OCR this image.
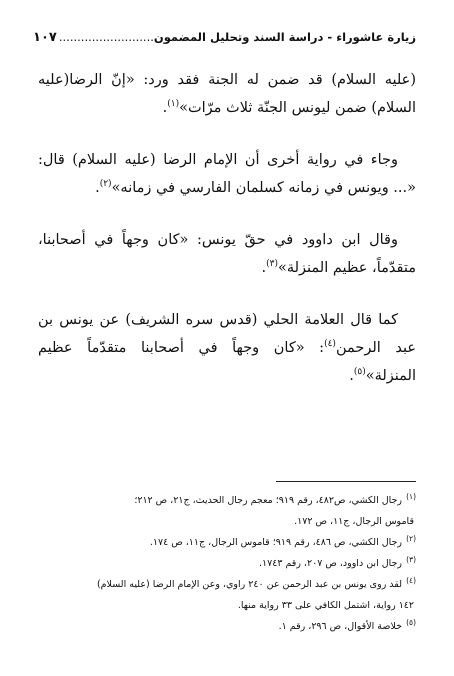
زيارة عاشوراء - دراسة السند وتحليل المضمون
١٠٧ ..........................

(عليه السلام) قد ضمن له الجنة فقد ورد: «إنّ الرضا(عليه السلام) ضمن ليونس الجنّة ثلاث مرّات»$^{(١)}$.

وجاء في رواية أخرى أن الإمام الرضا (عليه السلام) قال: «... ويونس في زمانه كسلمان الفارسي في زمانه»$^{(٢)}$.

وقال ابن داوود في حقّ يونس: «كان وجهاً في أصحابنا، متقدّماً، عظيم المنزلة»$^{(٣)}$.

كما قال العلامة الحلي (قدس سره الشريف) عن يونس بن عبد الرحمن$^{(٤)}$: «كان وجهاً في أصحابنا متقدّماً عظيم المنزلة»$^{(٥)}$.

(١)
رجال الكشي، ص٤٨٢، رقم ٩١٩؛ معجم رجال الحديث، ج٢١، ص ٢١٢؛

قاموس الرجال، ج١١، ص ١٧٢.

(٢)
رجال الكشي، ص ٤٨٦، رقم ٩١٩؛ قاموس الرجال، ج١١، ص ١٧٤.

(٣)
رجال ابن داوود، ص ٢٠٧، رقم ١٧٤٣.

(٤)
لقد روى يونس بن عبد الرحمن عن ٢٤٠ راوي، وعن الإمام الرضا (عليه السلام)

١٤٢ رواية، اشتمل الكافي على ٣٣ رواية منها.

(٥)
خلاصة الأقوال، ص ٢٩٦، رقم ١.
